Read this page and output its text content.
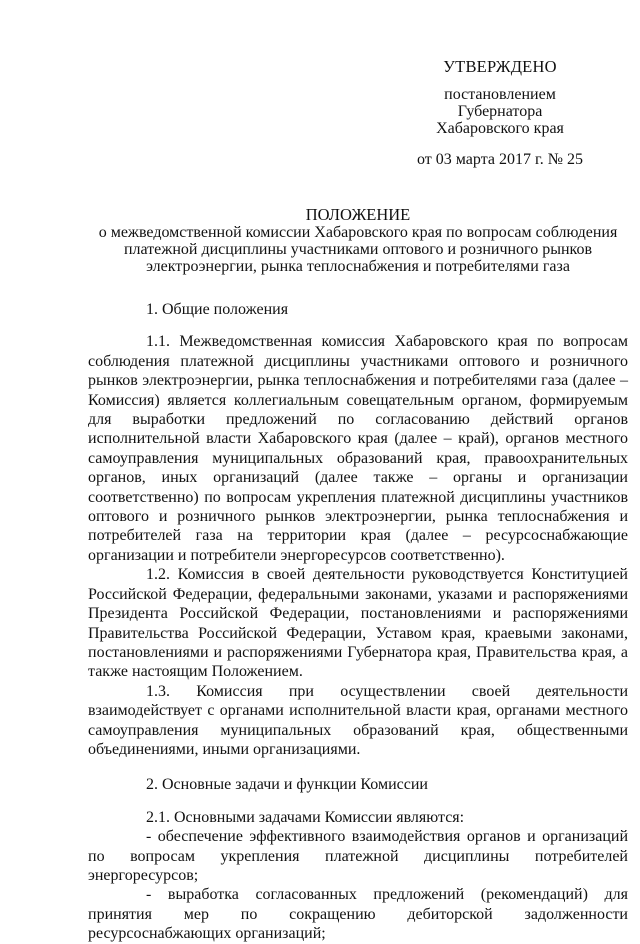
УТВЕРЖДЕНО
постановлением
Губернатора
Хабаровского края
от 03 марта 2017 г. № 25
ПОЛОЖЕНИЕ
о межведомственной комиссии Хабаровского края по вопросам соблюдения
платежной дисциплины участниками оптового и розничного рынков
электроэнергии, рынка теплоснабжения и потребителями газа

1. Общие положения

1.1. Межведомственная комиссия Хабаровского края по вопросам соблюдения платежной дисциплины участниками оптового и розничного рынков электроэнергии, рынка теплоснабжения и потребителями газа (далее – Комиссия) является коллегиальным совещательным органом, формируемым для выработки предложений по согласованию действий органов исполнительной власти Хабаровского края (далее – край), органов местного самоуправления муниципальных образований края, правоохранительных органов, иных организаций (далее также – органы и организации соответственно) по вопросам укрепления платежной дисциплины участников оптового и розничного рынков электроэнергии, рынка теплоснабжения и потребителей газа на территории края (далее – ресурсоснабжающие организации и потребители энергоресурсов соответственно).

1.2. Комиссия в своей деятельности руководствуется Конституцией Российской Федерации, федеральными законами, указами и распоряжениями Президента Российской Федерации, постановлениями и распоряжениями Правительства Российской Федерации, Уставом края, краевыми законами, постановлениями и распоряжениями Губернатора края, Правительства края, а также настоящим Положением.

1.3. Комиссия при осуществлении своей деятельности взаимодействует с органами исполнительной власти края, органами местного самоуправления муниципальных образований края, общественными объединениями, иными организациями.

2. Основные задачи и функции Комиссии

2.1. Основными задачами Комиссии являются:

- обеспечение эффективного взаимодействия органов и организаций по вопросам укрепления платежной дисциплины потребителей энергоресурсов;

- выработка согласованных предложений (рекомендаций) для принятия мер по сокращению дебиторской задолженности ресурсоснабжающих организаций;
